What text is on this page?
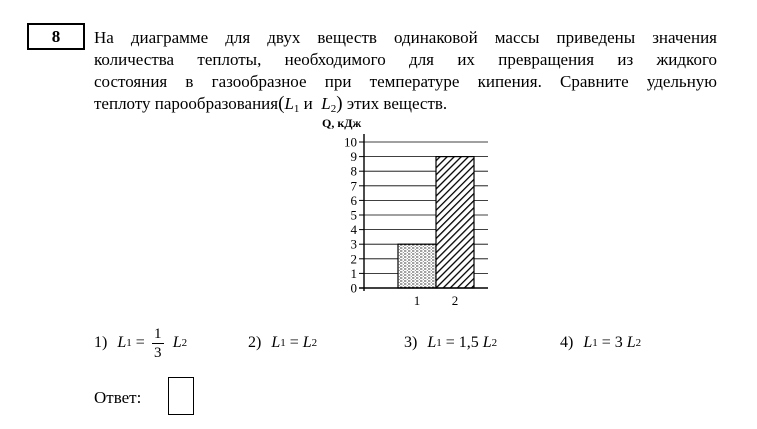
8 На диаграмме для двух веществ одинаковой массы приведены значения
количества теплоты, необходимого для их превращения из жидкого
состояния в газообразное при температуре кипения. Сравните удельную
теплоту $парообразования(L_1$ и $L_2$) этих веществ.
Q, кДж
0
1
2
3
4
5
6
7
8
9
10
1 2
1) L 1
= $\frac{1}{3}$ L 2	2) L 1
=
L 2	3) L 1
=
1,5
L 2	4) L 1
=
3
L 2
Ответ:
